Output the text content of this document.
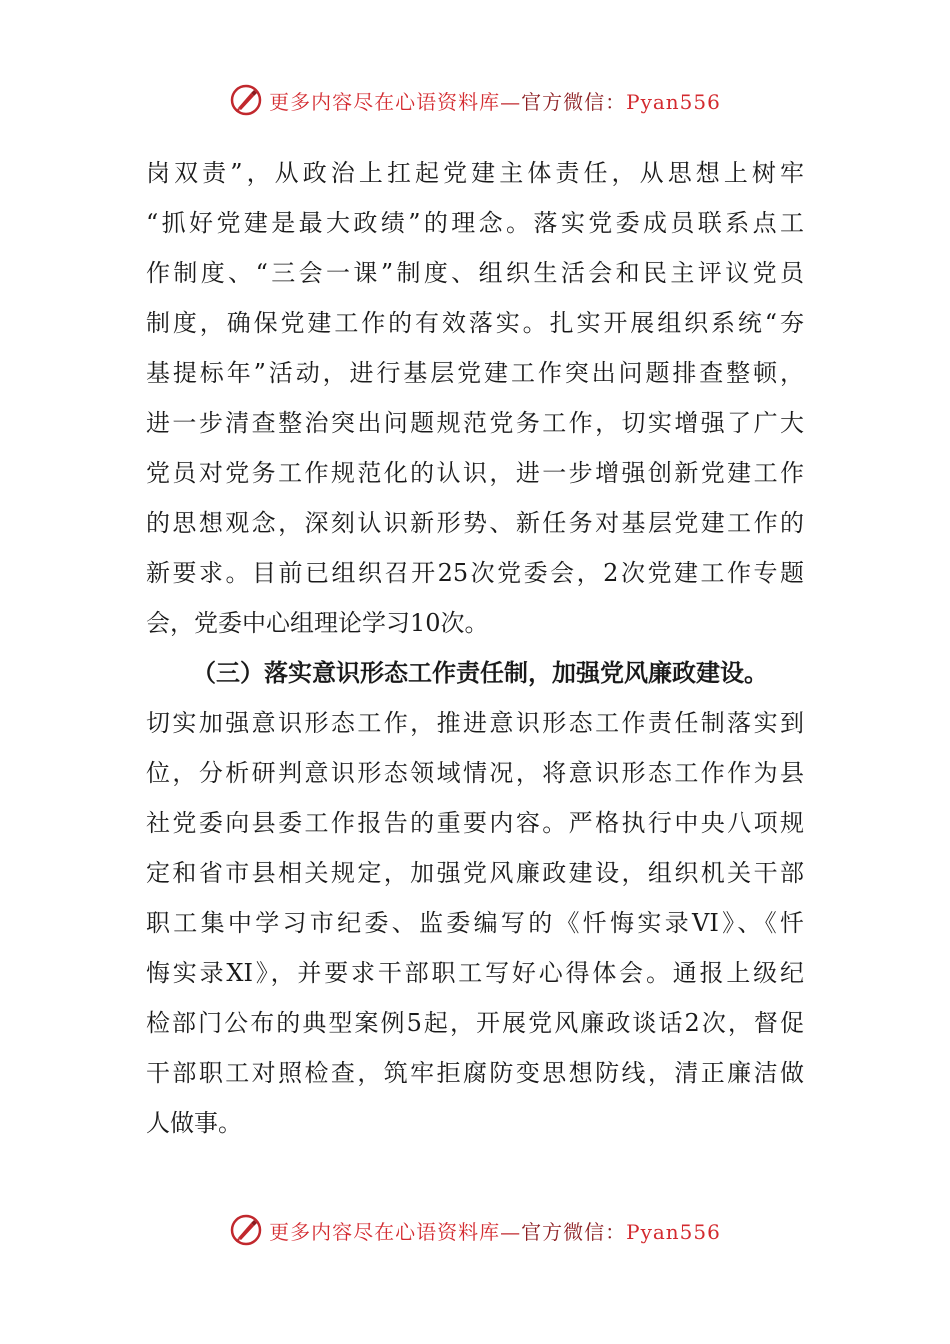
更多内容尽在心语资料库—官方微信：Pyan556
岗双责”，从政治上扛起党建主体责任，从思想上树牢
“抓好党建是最大政绩”的理念。落实党委成员联系点工
作制度、“三会一课”制度、组织生活会和民主评议党员
制度，确保党建工作的有效落实。扎实开展组织系统“夯
基提标年”活动，进行基层党建工作突出问题排查整顿，
进一步清查整治突出问题规范党务工作，切实增强了广大
党员对党务工作规范化的认识，进一步增强创新党建工作
的思想观念，深刻认识新形势、新任务对基层党建工作的
新要求。目前已组织召开25次党委会，2次党建工作专题
会，党委中心组理论学习10次。
（三）落实意识形态工作责任制，加强党风廉政建设。
切实加强意识形态工作，推进意识形态工作责任制落实到
位，分析研判意识形态领域情况，将意识形态工作作为县
社党委向县委工作报告的重要内容。严格执行中央八项规
定和省市县相关规定，加强党风廉政建设，组织机关干部
职工集中学习市纪委、监委编写的《忏悔实录VI》、《忏
悔实录XI》，并要求干部职工写好心得体会。通报上级纪
检部门公布的典型案例5起，开展党风廉政谈话2次，督促
干部职工对照检查，筑牢拒腐防变思想防线，清正廉洁做
人做事。
更多内容尽在心语资料库—官方微信：Pyan556
